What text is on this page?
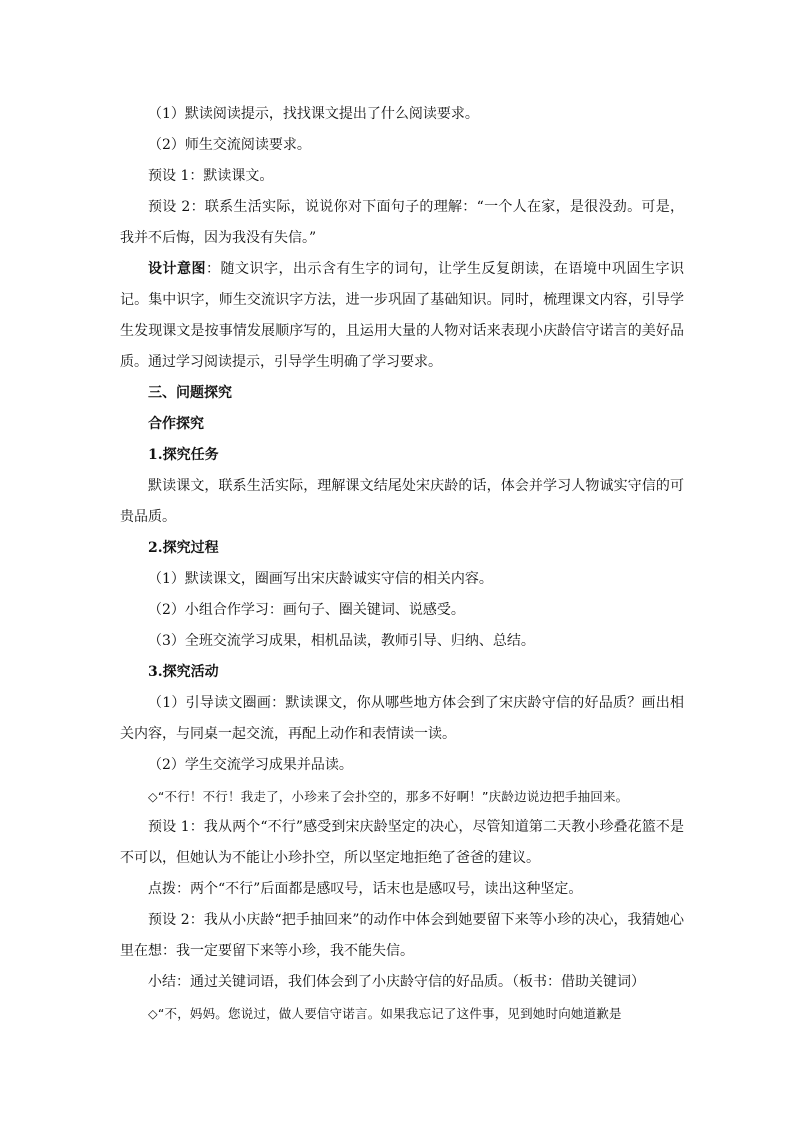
（1）默读阅读提示，找找课文提出了什么阅读要求。

（2）师生交流阅读要求。

预设 1：默读课文。

预设 2：联系生活实际，说说你对下面句子的理解：“一个人在家，是很没劲。可是，我并不后悔，因为我没有失信。”

设计意图：随文识字，出示含有生字的词句，让学生反复朗读，在语境中巩固生字识记。集中识字，师生交流识字方法，进一步巩固了基础知识。同时，梳理课文内容，引导学生发现课文是按事情发展顺序写的，且运用大量的人物对话来表现小庆龄信守诺言的美好品质。通过学习阅读提示，引导学生明确了学习要求。

三、问题探究

合作探究

1.探究任务

默读课文，联系生活实际，理解课文结尾处宋庆龄的话，体会并学习人物诚实守信的可贵品质。

2.探究过程

（1）默读课文，圈画写出宋庆龄诚实守信的相关内容。

（2）小组合作学习：画句子、圈关键词、说感受。

（3）全班交流学习成果，相机品读，教师引导、归纳、总结。

3.探究活动

（1）引导读文圈画：默读课文，你从哪些地方体会到了宋庆龄守信的好品质？画出相关内容，与同桌一起交流，再配上动作和表情读一读。

（2）学生交流学习成果并品读。

◇“不行！不行！我走了，小珍来了会扑空的，那多不好啊！”庆龄边说边把手抽回来。

预设 1：我从两个“不行”感受到宋庆龄坚定的决心，尽管知道第二天教小珍叠花篮不是不可以，但她认为不能让小珍扑空，所以坚定地拒绝了爸爸的建议。

点拨：两个“不行”后面都是感叹号，话末也是感叹号，读出这种坚定。

预设 2：我从小庆龄“把手抽回来”的动作中体会到她要留下来等小珍的决心，我猜她心里在想：我一定要留下来等小珍，我不能失信。

小结：通过关键词语，我们体会到了小庆龄守信的好品质。（板书：借助关键词）

◇“不，妈妈。您说过，做人要信守诺言。如果我忘记了这件事，见到她时向她道歉是
